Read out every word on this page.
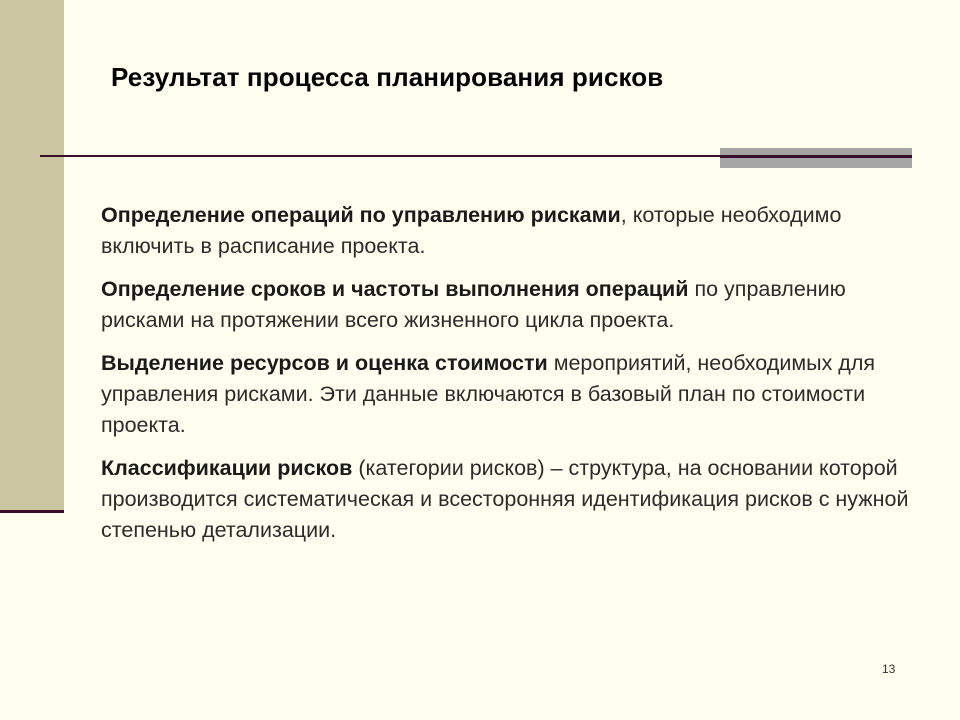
Результат процесса планирования рисков

Определение операций по управлению рисками, которые необходимо включить в расписание проекта.

Определение сроков и частоты выполнения операций по управлению рисками на протяжении всего жизненного цикла проекта.

Выделение ресурсов и оценка стоимости мероприятий, необходимых для управления рисками. Эти данные включаются в базовый план по стоимости проекта.

Классификации рисков (категории рисков) – структура, на основании которой производится систематическая и всесторонняя идентификация рисков с нужной степенью детализации.

13
